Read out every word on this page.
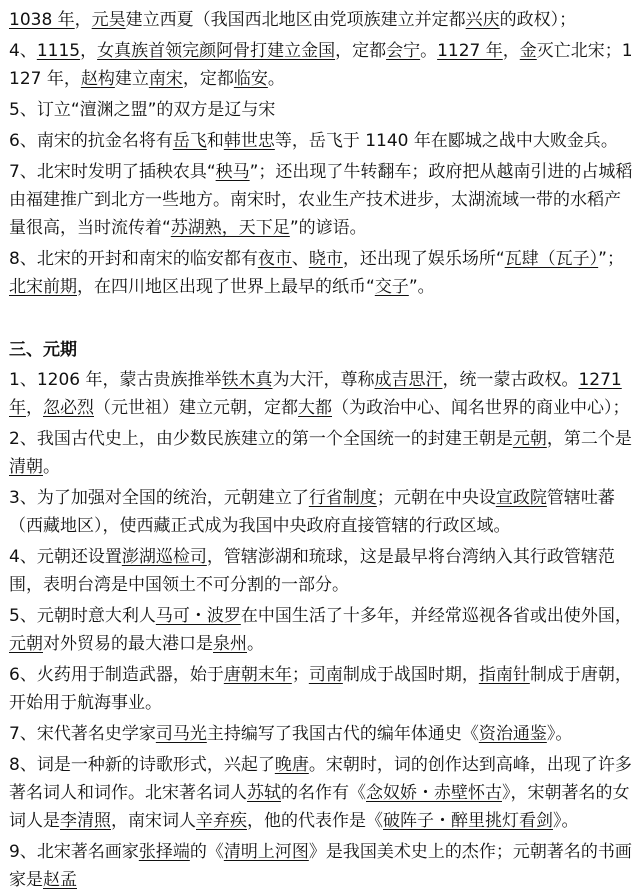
1038 年，元昊建立西夏（我国西北地区由党项族建立并定都兴庆的政权）；

4、1115，女真族首领完颜阿骨打建立金国，定都会宁。1127 年，金灭亡北宋；1127 年，赵构建立南宋，定都临安。

5、订立“澶渊之盟”的双方是辽与宋

6、南宋的抗金名将有岳飞和韩世忠等，岳飞于 1140 年在郾城之战中大败金兵。

7、北宋时发明了插秧农具“秧马”；还出现了牛转翻车；政府把从越南引进的占城稻由福建推广到北方一些地方。南宋时，农业生产技术进步，太湖流域一带的水稻产量很高，当时流传着“苏湖熟，天下足”的谚语。

8、北宋的开封和南宋的临安都有夜市、晓市，还出现了娱乐场所“瓦肆（瓦子）”；北宋前期，在四川地区出现了世界上最早的纸币“交子”。

三、元期

1、1206 年，蒙古贵族推举铁木真为大汗，尊称成吉思汗，统一蒙古政权。1271 年，忽必烈（元世祖）建立元朝，定都大都（为政治中心、闻名世界的商业中心）；

2、我国古代史上，由少数民族建立的第一个全国统一的封建王朝是元朝，第二个是清朝。

3、为了加强对全国的统治，元朝建立了行省制度；元朝在中央设宣政院管辖吐蕃（西藏地区），使西藏正式成为我国中央政府直接管辖的行政区域。

4、元朝还设置澎湖巡检司，管辖澎湖和琉球，这是最早将台湾纳入其行政管辖范围，表明台湾是中国领土不可分割的一部分。

5、元朝时意大利人马可・波罗在中国生活了十多年，并经常巡视各省或出使外国，元朝对外贸易的最大港口是泉州。

6、火药用于制造武器，始于唐朝末年；司南制成于战国时期，指南针制成于唐朝，开始用于航海事业。

7、宋代著名史学家司马光主持编写了我国古代的编年体通史《资治通鉴》。

8、词是一种新的诗歌形式，兴起了晚唐。宋朝时，词的创作达到高峰，出现了许多著名词人和词作。北宋著名词人苏轼的名作有《念奴娇・赤壁怀古》，宋朝著名的女词人是李清照，南宋词人辛弃疾，他的代表作是《破阵子・醉里挑灯看剑》。

9、北宋著名画家张择端的《清明上河图》是我国美术史上的杰作；元朝著名的书画家是赵孟
